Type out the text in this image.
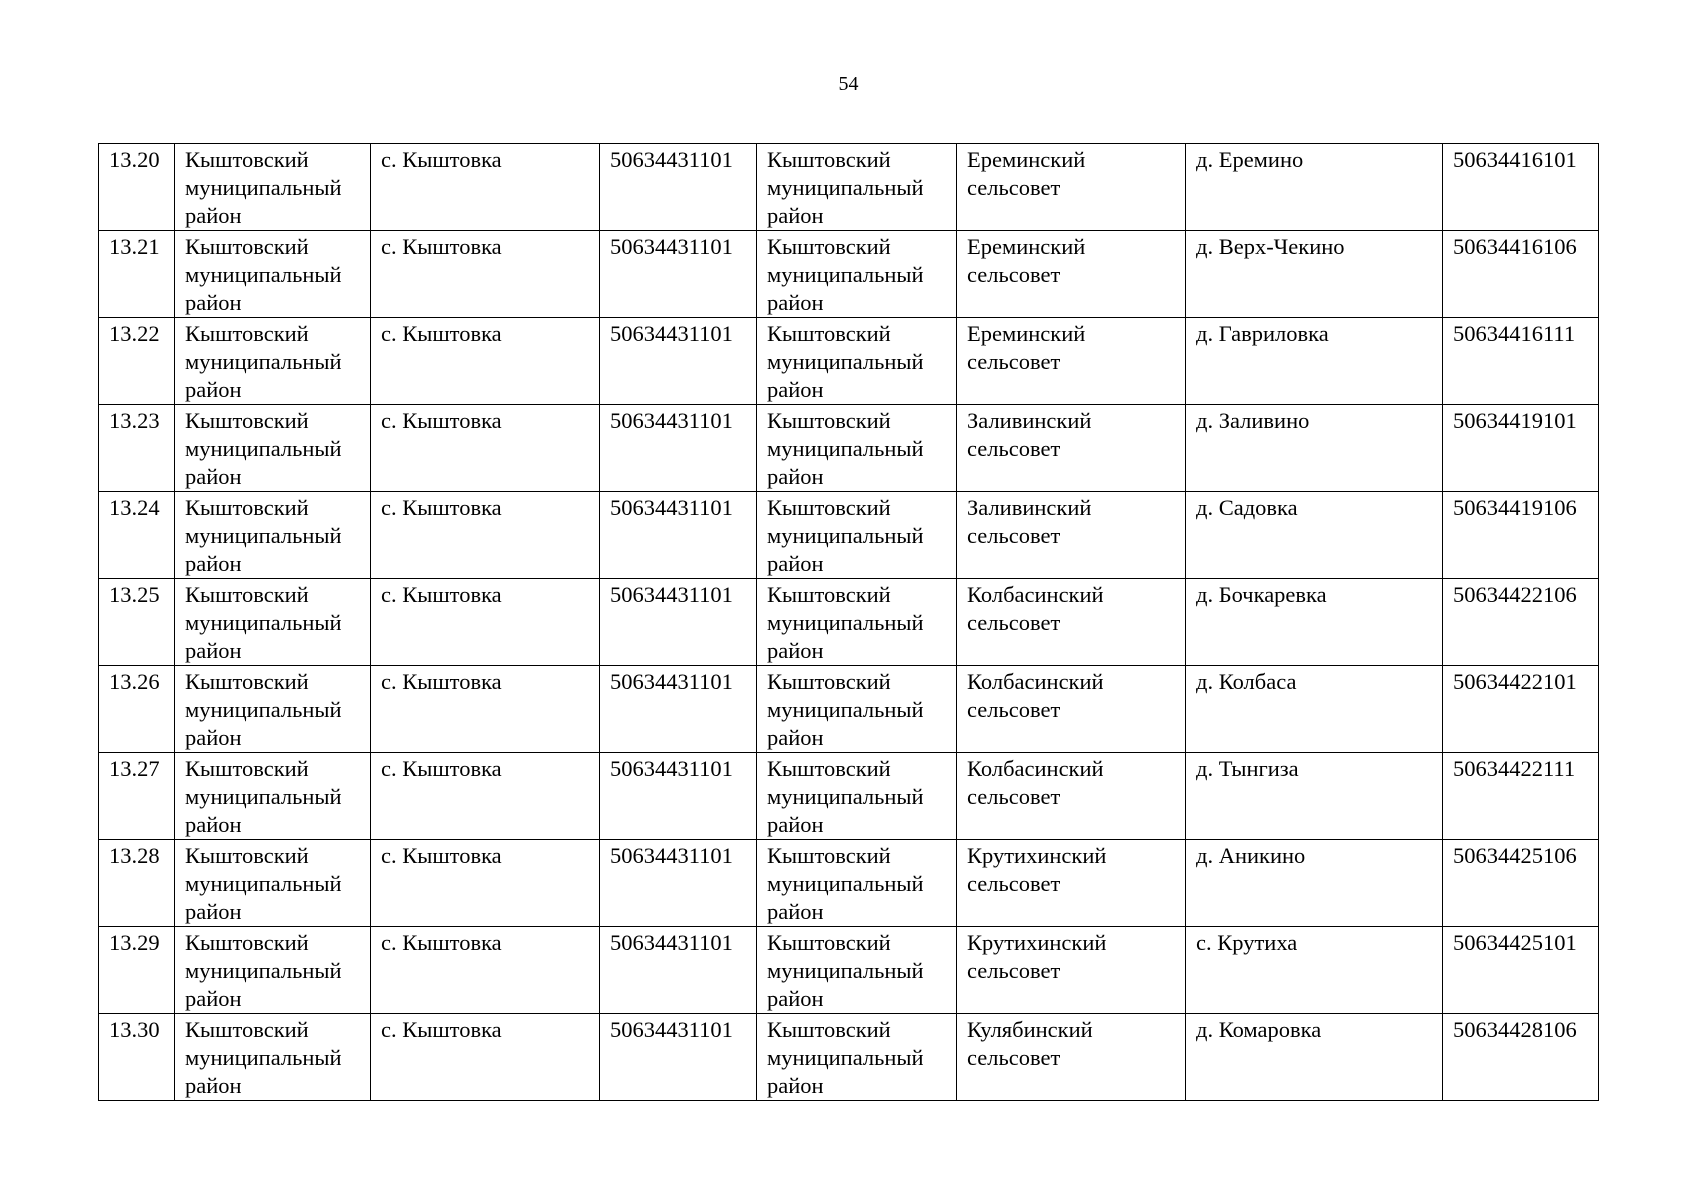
54
13.20	Кыштовский муниципальный район	с. Кыштовка	50634431101	Кыштовский муниципальный район	Ереминский сельсовет	д. Еремино	50634416101
13.21	Кыштовский муниципальный район	с. Кыштовка	50634431101	Кыштовский муниципальный район	Ереминский сельсовет	д. Верх-Чекино	50634416106
13.22	Кыштовский муниципальный район	с. Кыштовка	50634431101	Кыштовский муниципальный район	Ереминский сельсовет	д. Гавриловка	50634416111
13.23	Кыштовский муниципальный район	с. Кыштовка	50634431101	Кыштовский муниципальный район	Заливинский сельсовет	д. Заливино	50634419101
13.24	Кыштовский муниципальный район	с. Кыштовка	50634431101	Кыштовский муниципальный район	Заливинский сельсовет	д. Садовка	50634419106
13.25	Кыштовский муниципальный район	с. Кыштовка	50634431101	Кыштовский муниципальный район	Колбасинский сельсовет	д. Бочкаревка	50634422106
13.26	Кыштовский муниципальный район	с. Кыштовка	50634431101	Кыштовский муниципальный район	Колбасинский сельсовет	д. Колбаса	50634422101
13.27	Кыштовский муниципальный район	с. Кыштовка	50634431101	Кыштовский муниципальный район	Колбасинский сельсовет	д. Тынгиза	50634422111
13.28	Кыштовский муниципальный район	с. Кыштовка	50634431101	Кыштовский муниципальный район	Крутихинский сельсовет	д. Аникино	50634425106
13.29	Кыштовский муниципальный район	с. Кыштовка	50634431101	Кыштовский муниципальный район	Крутихинский сельсовет	с. Крутиха	50634425101
13.30	Кыштовский муниципальный район	с. Кыштовка	50634431101	Кыштовский муниципальный район	Кулябинский сельсовет	д. Комаровка	50634428106
